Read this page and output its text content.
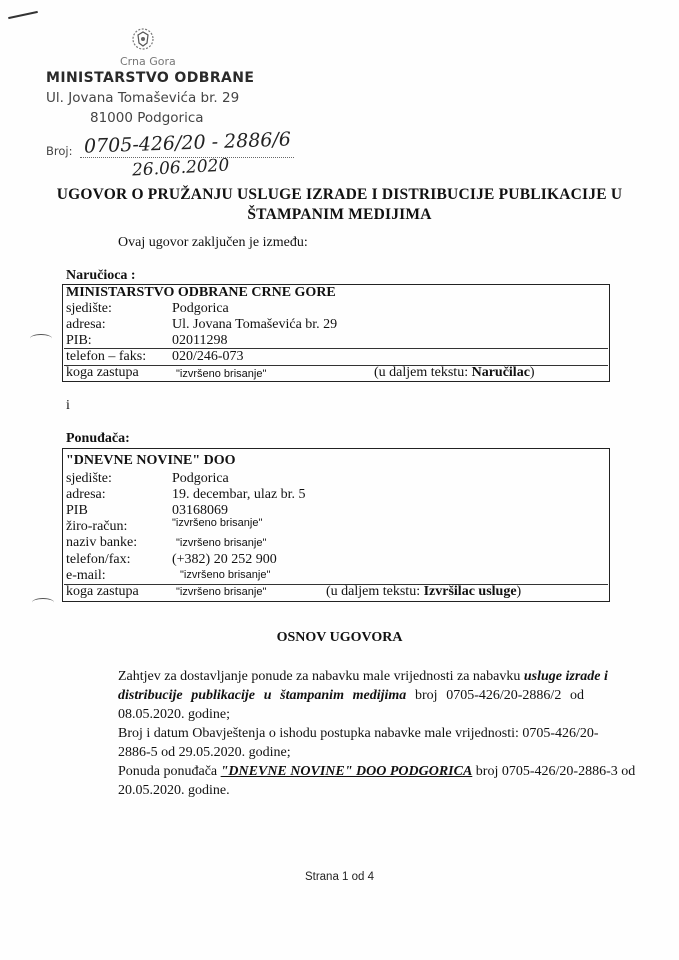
Crna Gora
MINISTARSTVO ODBRANE
Ul. Jovana Tomaševića br. 29
81000 Podgorica
Broj: 0705-426/20 - 2886/6
26.06.2020
UGOVOR O PRUŽANJU USLUGE IZRADE I DISTRIBUCIJE PUBLIKACIJE U
ŠTAMPANIM MEDIJIMA
Ovaj ugovor zaključen je između:
Naručioca :
MINISTARSTVO ODBRANE CRNE GORE
sjedište:	Podgorica
adresa:	Ul. Jovana Tomaševića br. 29
PIB:	02011298
telefon – faks: 020/246-073
koga zastupa	"izvršeno brisanje"	(u daljem tekstu: Naručilac)
i
Ponuđača:
"DNEVNE NOVINE" DOO
sjedište:	Podgorica
adresa:	19. decembar, ulaz br. 5
PIB	03168069
žiro-račun:	"izvršeno brisanje"
naziv banke:	"izvršeno brisanje"
telefon/fax:	(+382) 20 252 900
e-mail:	"izvršeno brisanje"
koga zastupa	"izvršeno brisanje"	(u daljem tekstu: Izvršilac usluge)
OSNOV UGOVORA
Zahtjev za dostavljanje ponude za nabavku male vrijednosti za nabavku usluge izrade i
distribucije publikacije u štampanim medijima broj 0705-426/20-2886/2 od
08.05.2020. godine;
Broj i datum Obavještenja o ishodu postupka nabavke male vrijednosti: 0705-426/20-
2886-5 od 29.05.2020. godine;
Ponuda ponuđača "DNEVNE NOVINE" DOO PODGORICA broj 0705-426/20-2886-3 od
20.05.2020. godine.
Strana 1 od 4
